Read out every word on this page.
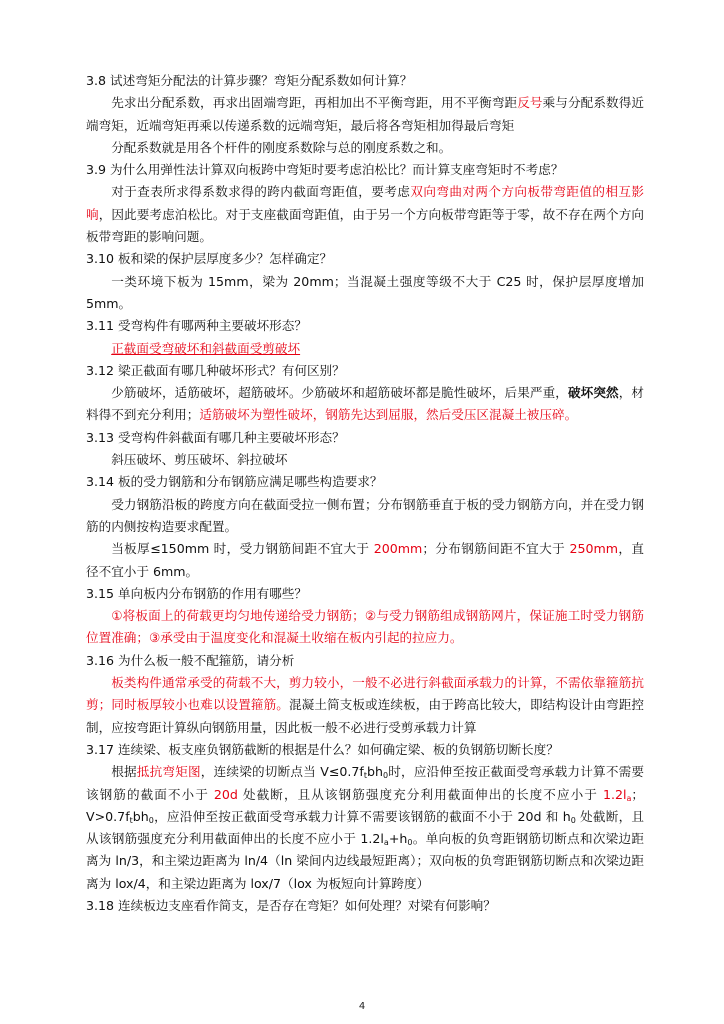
3.8 试述弯矩分配法的计算步骤？弯矩分配系数如何计算？

先求出分配系数，再求出固端弯距，再相加出不平衡弯距，用不平衡弯距反号乘与分配系数得近端弯矩，近端弯矩再乘以传递系数的远端弯矩，最后将各弯矩相加得最后弯矩

分配系数就是用各个杆件的刚度系数除与总的刚度系数之和。

3.9 为什么用弹性法计算双向板跨中弯矩时要考虑泊松比？而计算支座弯矩时不考虑？

对于查表所求得系数求得的跨内截面弯距值，要考虑双向弯曲对两个方向板带弯距值的相互影响，因此要考虑泊松比。对于支座截面弯距值，由于另一个方向板带弯距等于零，故不存在两个方向板带弯距的影响问题。

3.10 板和梁的保护层厚度多少？怎样确定？

一类环境下板为 15mm，梁为 20mm；当混凝土强度等级不大于 C25 时，保护层厚度增加 5mm。

3.11 受弯构件有哪两种主要破坏形态？

正截面受弯破坏和斜截面受剪破坏

3.12 梁正截面有哪几种破坏形式？有何区别？

少筋破坏，适筋破坏，超筋破坏。少筋破坏和超筋破坏都是脆性破坏，后果严重，破坏突然，材料得不到充分利用；适筋破坏为塑性破坏，钢筋先达到屈服，然后受压区混凝土被压碎。

3.13 受弯构件斜截面有哪几种主要破坏形态？

斜压破坏、剪压破坏、斜拉破坏

3.14 板的受力钢筋和分布钢筋应满足哪些构造要求？

受力钢筋沿板的跨度方向在截面受拉一侧布置；分布钢筋垂直于板的受力钢筋方向，并在受力钢筋的内侧按构造要求配置。

当板厚≤150mm 时，受力钢筋间距不宜大于 200mm；分布钢筋间距不宜大于 250mm，直径不宜小于 6mm。

3.15 单向板内分布钢筋的作用有哪些？

①将板面上的荷载更均匀地传递给受力钢筋；②与受力钢筋组成钢筋网片，保证施工时受力钢筋位置准确；③承受由于温度变化和混凝土收缩在板内引起的拉应力。

3.16 为什么板一般不配箍筋，请分析

板类构件通常承受的荷载不大，剪力较小，一般不必进行斜截面承载力的计算，不需依靠箍筋抗剪；同时板厚较小也难以设置箍筋。混凝土简支板或连续板，由于跨高比较大，即结构设计由弯距控制，应按弯距计算纵向钢筋用量，因此板一般不必进行受剪承载力计算

3.17 连续梁、板支座负钢筋截断的根据是什么？如何确定梁、板的负钢筋切断长度？

根据抵抗弯矩图，连续梁的切断点当 $V\le 0.7f_tbh_0$时，应沿伸至按正截面受弯承载力计算不需要该钢筋的截面不小于 20d 处截断，且从该钢筋强度充分利用截面伸出的长度不应小于 $1.2l_a$；$V>0.7f_tbh_0$，应沿伸至按正截面受弯承载力计算不需要该钢筋的截面不小于 20d 和 $h_0$ 处截断，且从该钢筋强度充分利用截面伸出的长度不应小于 $1.2l_a+h_0$。单向板的负弯距钢筋切断点和次梁边距离为 ln/3，和主梁边距离为 ln/4（ln 梁间内边线最短距离）；双向板的负弯距钢筋切断点和次梁边距离为 lox/4，和主梁边距离为 lox/7（lox 为板短向计算跨度）

3.18 连续板边支座看作简支，是否存在弯矩？如何处理？对梁有何影响？
4
